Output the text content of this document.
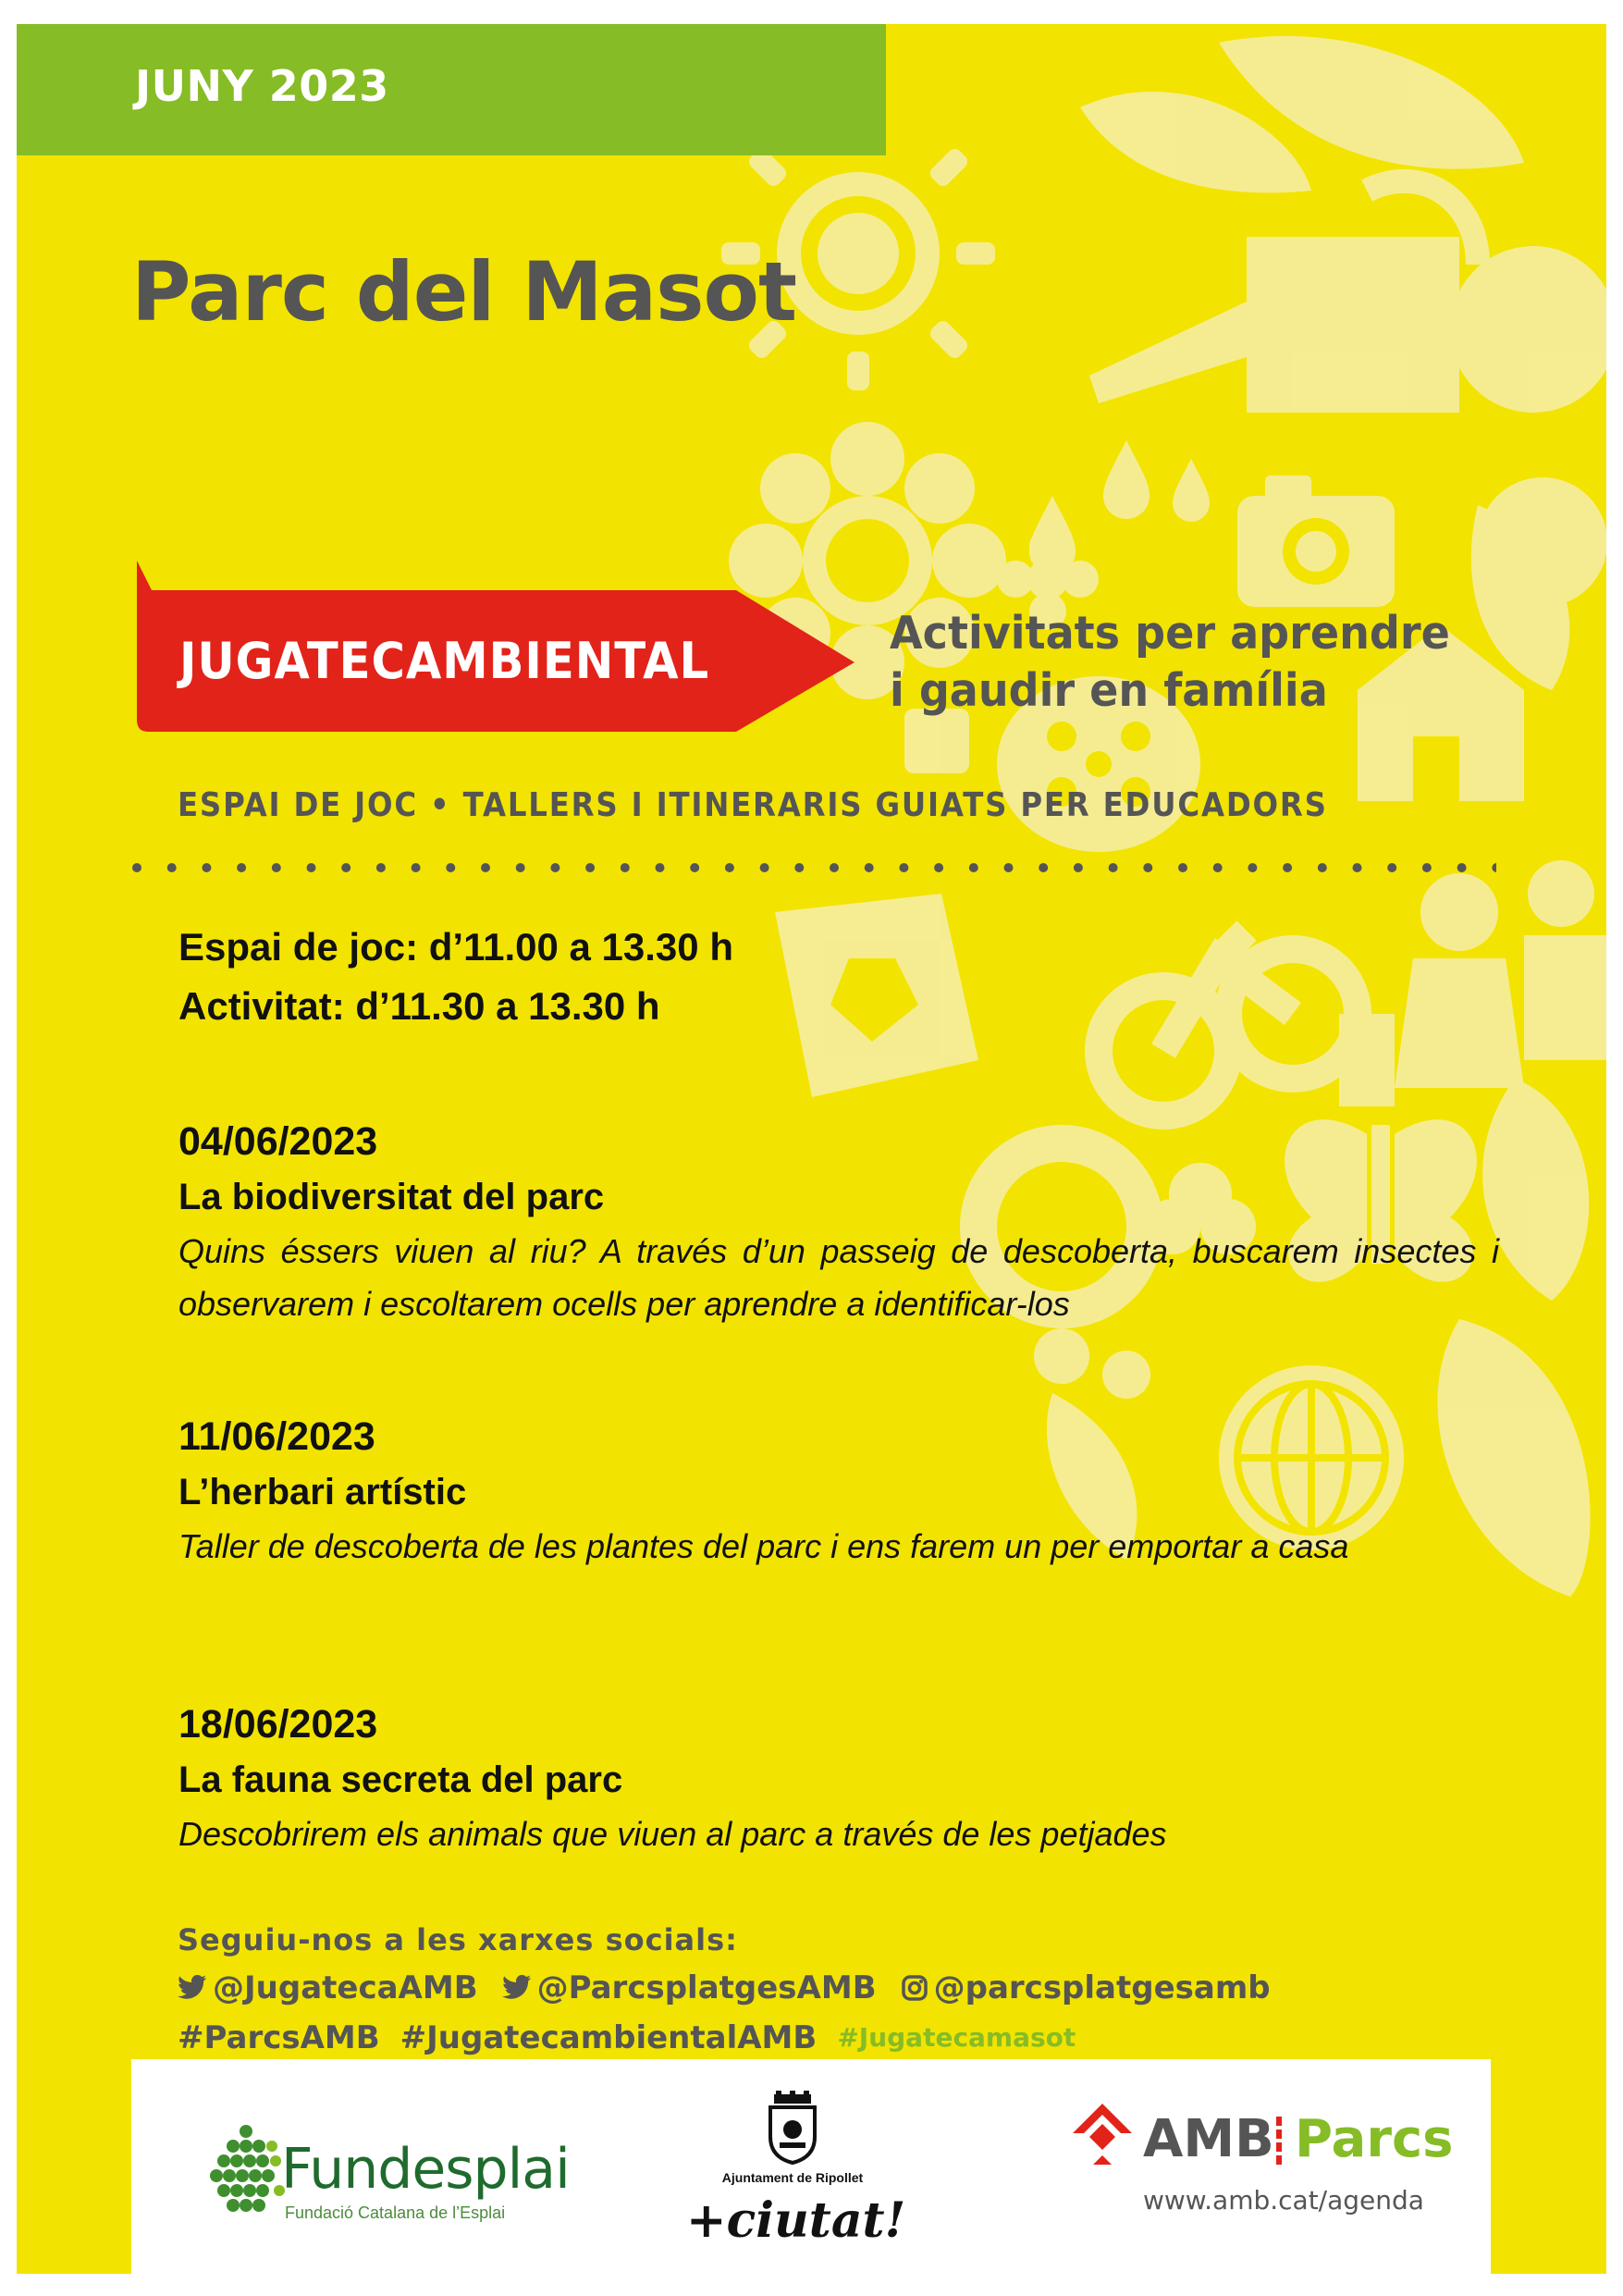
JUNY 2023
Parc del Masot
JUGATECAMBIENTAL	Activitats per aprendre
i gaudir en família
ESPAI DE JOC • TALLERS I ITINERARIS GUIATS PER EDUCADORS
Espai de joc: d’11.00 a 13.30 h
Activitat: d’11.30 a 13.30 h
04/06/2023
La biodiversitat del parc
Quins éssers viuen al riu? A través d’un passeig de descoberta, buscarem insectes i observarem i escoltarem ocells per aprendre a identificar-los
11/06/2023
L’herbari artístic
Taller de descoberta de les plantes del parc i ens farem un per emportar a casa
18/06/2023
La fauna secreta del parc
Descobrirem els animals que viuen al parc a través de les petjades
Seguiu-nos a les xarxes socials:
@JugatecaAMB @ParcsplatgesAMB @parcsplatgesamb
#ParcsAMB #JugatecambientalAMB #Jugatecamasot
Fundesplai
Fundació Catalana de l’Esplai
Ajuntament de Ripollet
+ciutat!
AMB Parcs
www.amb.cat/agenda
